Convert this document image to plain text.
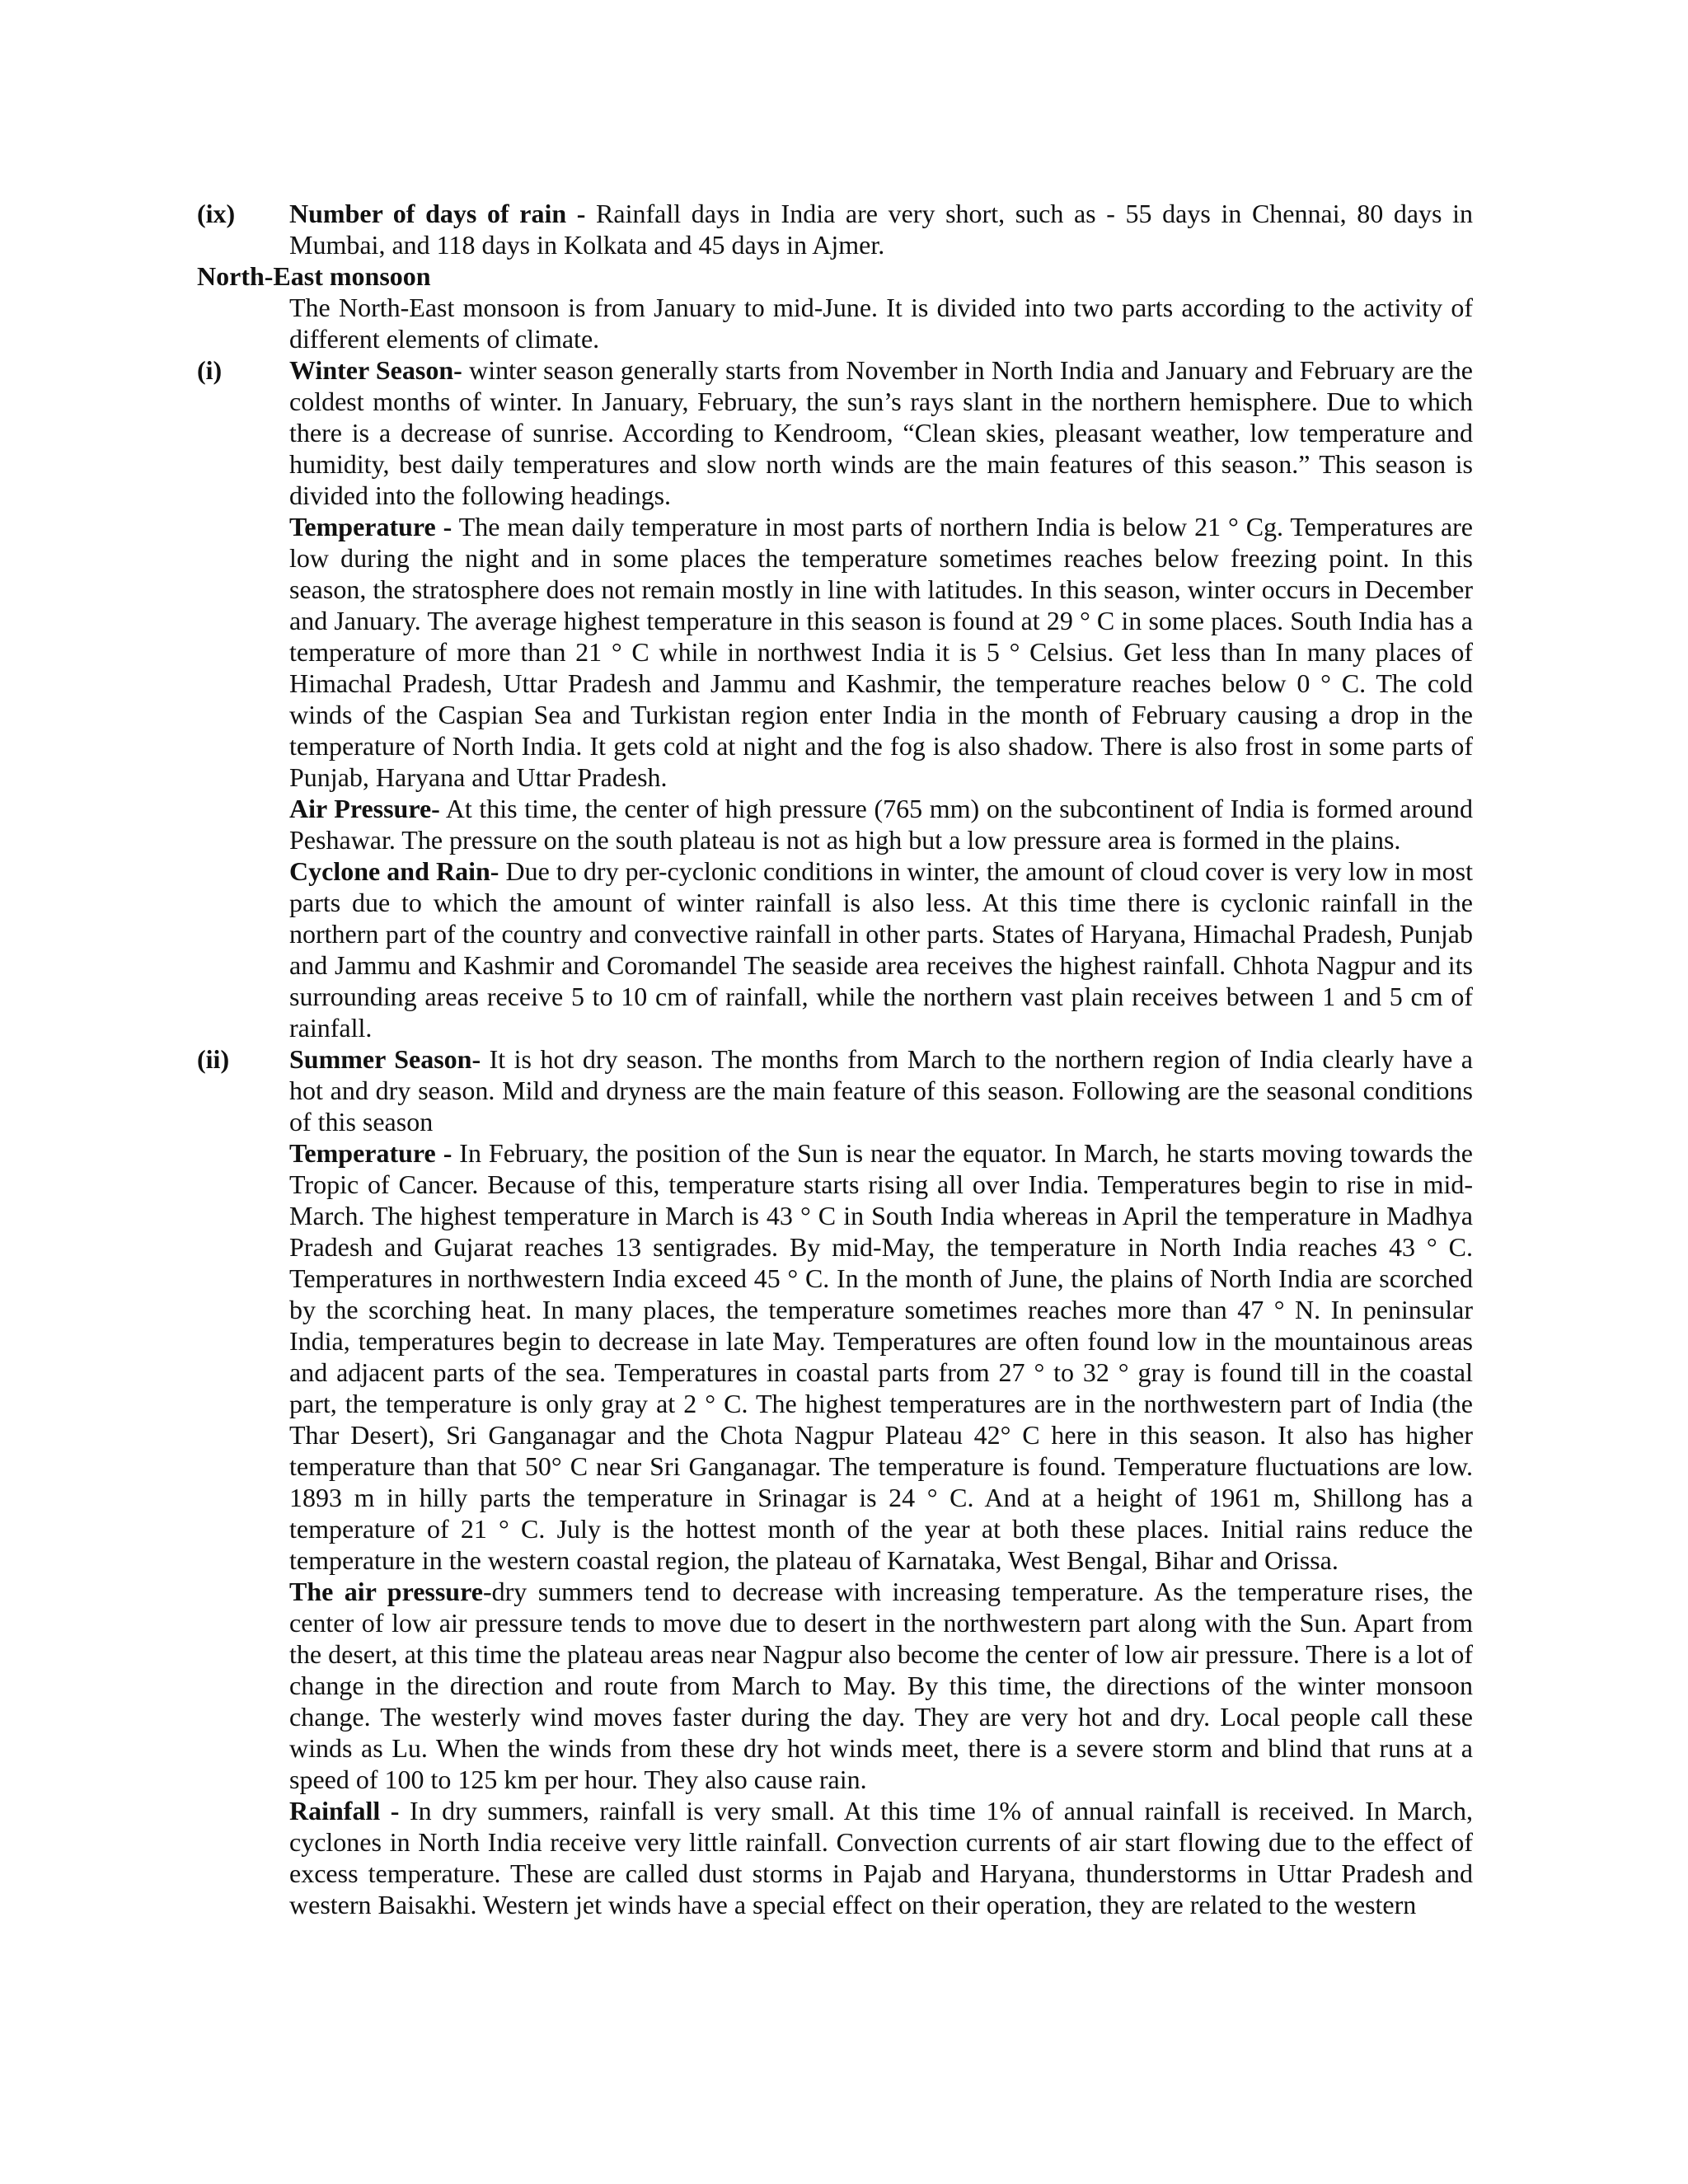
(ix)	Number of days of rain - Rainfall days in India are very short, such as - 55 days in Chennai, 80 days in Mumbai, and 118 days in Kolkata and 45 days in Ajmer.

North-East monsoon

The North-East monsoon is from January to mid-June. It is divided into two parts according to the activity of different elements of climate.

(i)	Winter Season- winter season generally starts from November in North India and January and February are the coldest months of winter. In January, February, the sun’s rays slant in the northern hemisphere. Due to which there is a decrease of sunrise. According to Kendroom, “Clean skies, pleasant weather, low temperature and humidity, best daily temperatures and slow north winds are the main features of this season.” This season is divided into the following headings.

Temperature - The mean daily temperature in most parts of northern India is below 21 ° Cg. Temperatures are low during the night and in some places the temperature sometimes reaches below freezing point. In this season, the stratosphere does not remain mostly in line with latitudes. In this season, winter occurs in December and January. The average highest temperature in this season is found at 29 ° C in some places. South India has a temperature of more than 21 ° C while in northwest India it is 5 ° Celsius. Get less than In many places of Himachal Pradesh, Uttar Pradesh and Jammu and Kashmir, the temperature reaches below 0 ° C. The cold winds of the Caspian Sea and Turkistan region enter India in the month of February causing a drop in the temperature of North India. It gets cold at night and the fog is also shadow. There is also frost in some parts of Punjab, Haryana and Uttar Pradesh.

Air Pressure- At this time, the center of high pressure (765 mm) on the subcontinent of India is formed around Peshawar. The pressure on the south plateau is not as high but a low pressure area is formed in the plains.

Cyclone and Rain- Due to dry per-cyclonic conditions in winter, the amount of cloud cover is very low in most parts due to which the amount of winter rainfall is also less. At this time there is cyclonic rainfall in the northern part of the country and convective rainfall in other parts. States of Haryana, Himachal Pradesh, Punjab and Jammu and Kashmir and Coromandel The seaside area receives the highest rainfall. Chhota Nagpur and its surrounding areas receive 5 to 10 cm of rainfall, while the northern vast plain receives between 1 and 5 cm of rainfall.

(ii)	Summer Season- It is hot dry season. The months from March to the northern region of India clearly have a hot and dry season. Mild and dryness are the main feature of this season. Following are the seasonal conditions of this season

Temperature - In February, the position of the Sun is near the equator. In March, he starts moving towards the Tropic of Cancer. Because of this, temperature starts rising all over India. Temperatures begin to rise in mid-March. The highest temperature in March is 43 ° C in South India whereas in April the temperature in Madhya Pradesh and Gujarat reaches 13 sentigrades. By mid-May, the temperature in North India reaches 43 ° C. Temperatures in northwestern India exceed 45 ° C. In the month of June, the plains of North India are scorched by the scorching heat. In many places, the temperature sometimes reaches more than 47 ° N. In peninsular India, temperatures begin to decrease in late May. Temperatures are often found low in the mountainous areas and adjacent parts of the sea. Temperatures in coastal parts from 27 ° to 32 ° gray is found till in the coastal part, the temperature is only gray at 2 ° C. The highest temperatures are in the northwestern part of India (the Thar Desert), Sri Ganganagar and the Chota Nagpur Plateau 42° C here in this season. It also has higher temperature than that 50° C near Sri Ganganagar. The temperature is found. Temperature fluctuations are low. 1893 m in hilly parts the temperature in Srinagar is 24 ° C. And at a height of 1961 m, Shillong has a temperature of 21 ° C. July is the hottest month of the year at both these places. Initial rains reduce the temperature in the western coastal region, the plateau of Karnataka, West Bengal, Bihar and Orissa.

The air pressure-dry summers tend to decrease with increasing temperature. As the temperature rises, the center of low air pressure tends to move due to desert in the northwestern part along with the Sun. Apart from the desert, at this time the plateau areas near Nagpur also become the center of low air pressure. There is a lot of change in the direction and route from March to May. By this time, the directions of the winter monsoon change. The westerly wind moves faster during the day. They are very hot and dry. Local people call these winds as Lu. When the winds from these dry hot winds meet, there is a severe storm and blind that runs at a speed of 100 to 125 km per hour. They also cause rain.

Rainfall - In dry summers, rainfall is very small. At this time 1% of annual rainfall is received. In March, cyclones in North India receive very little rainfall. Convection currents of air start flowing due to the effect of excess temperature. These are called dust storms in Pajab and Haryana, thunderstorms in Uttar Pradesh and western Baisakhi. Western jet winds have a special effect on their operation, they are related to the western
